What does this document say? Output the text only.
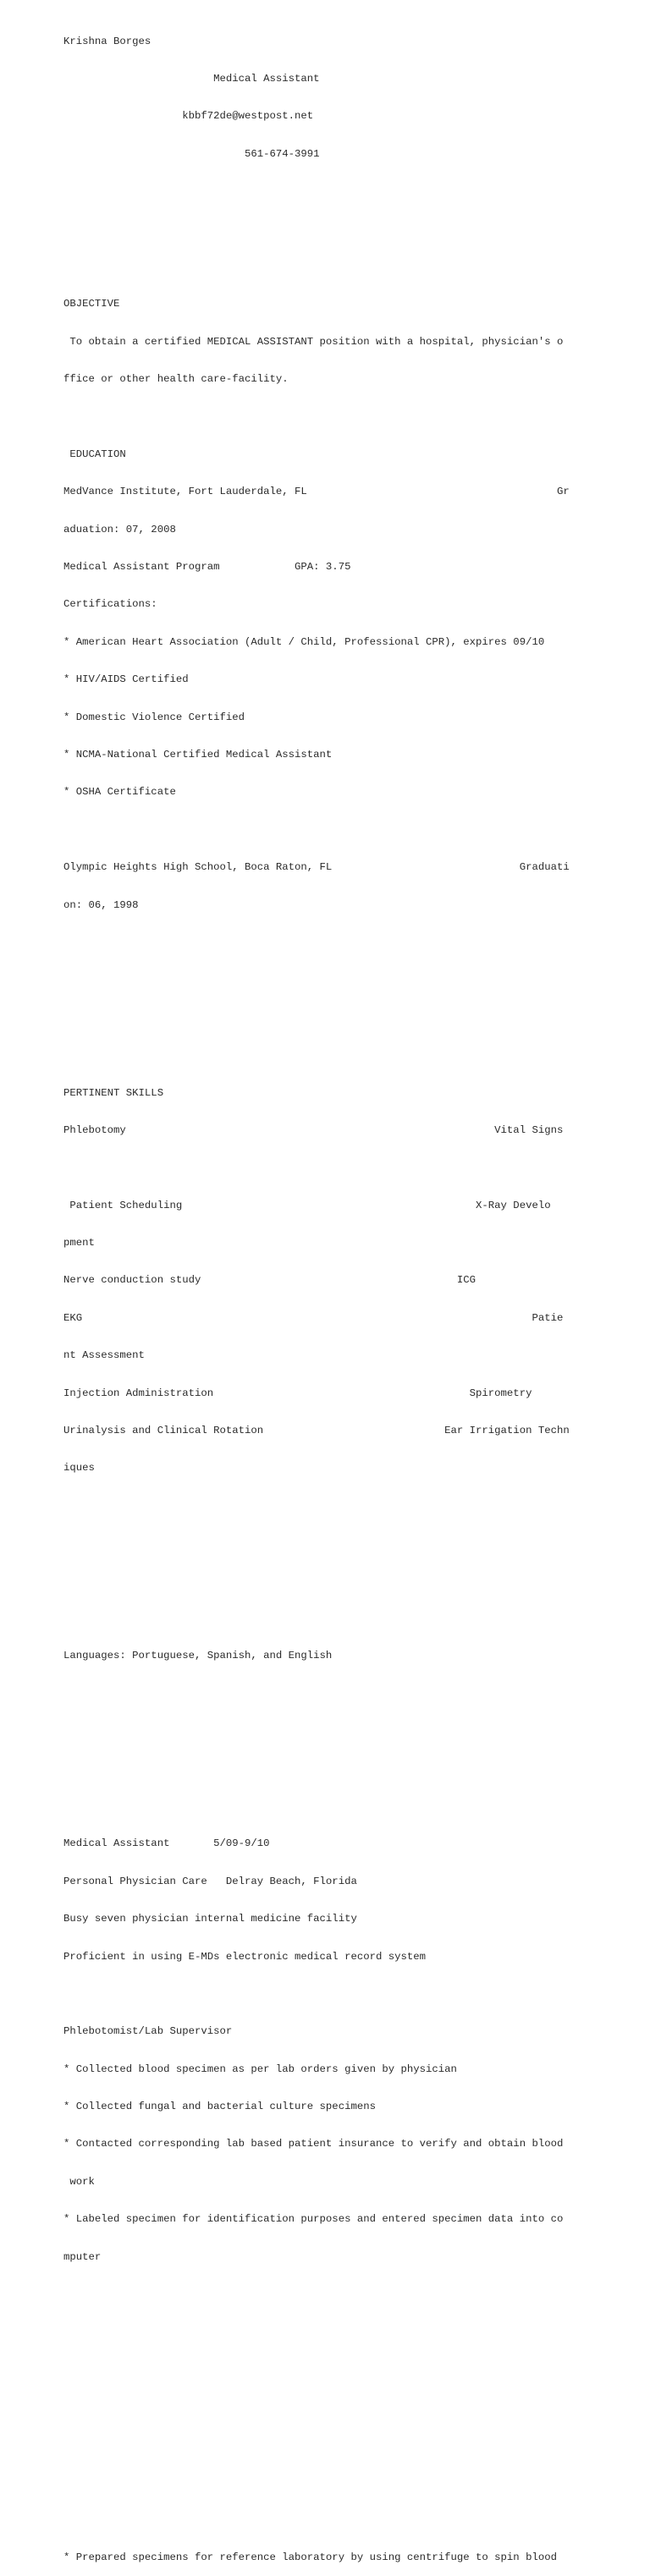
Krishna Borges

Medical Assistant

kbbf72de@westpost.net

561-674-3991

OBJECTIVE

To obtain a certified MEDICAL ASSISTANT position with a hospital, physician's o

ffice or other health care-facility.

EDUCATION

MedVance Institute, Fort Lauderdale, FL                                        Gr

aduation: 07, 2008

Medical Assistant Program            GPA: 3.75

Certifications:

* American Heart Association (Adult / Child, Professional CPR), expires 09/10

* HIV/AIDS Certified

* Domestic Violence Certified

* NCMA-National Certified Medical Assistant

* OSHA Certificate

Olympic Heights High School, Boca Raton, FL                              Graduati

on: 06, 1998

PERTINENT SKILLS

Phlebotomy                                                           Vital Signs

Patient Scheduling                                               X-Ray Develo

pment

Nerve conduction study                                         ICG

EKG                                                                        Patie

nt Assessment

Injection Administration                                         Spirometry

Urinalysis and Clinical Rotation                             Ear Irrigation Techn

iques

Languages: Portuguese, Spanish, and English

Medical Assistant       5/09-9/10

Personal Physician Care   Delray Beach, Florida

Busy seven physician internal medicine facility

Proficient in using E-MDs electronic medical record system

Phlebotomist/Lab Supervisor

* Collected blood specimen as per lab orders given by physician

* Collected fungal and bacterial culture specimens

* Contacted corresponding lab based patient insurance to verify and obtain blood

work

* Labeled specimen for identification purposes and entered specimen data into co

mputer

* Prepared specimens for reference laboratory by using centrifuge to spin blood
